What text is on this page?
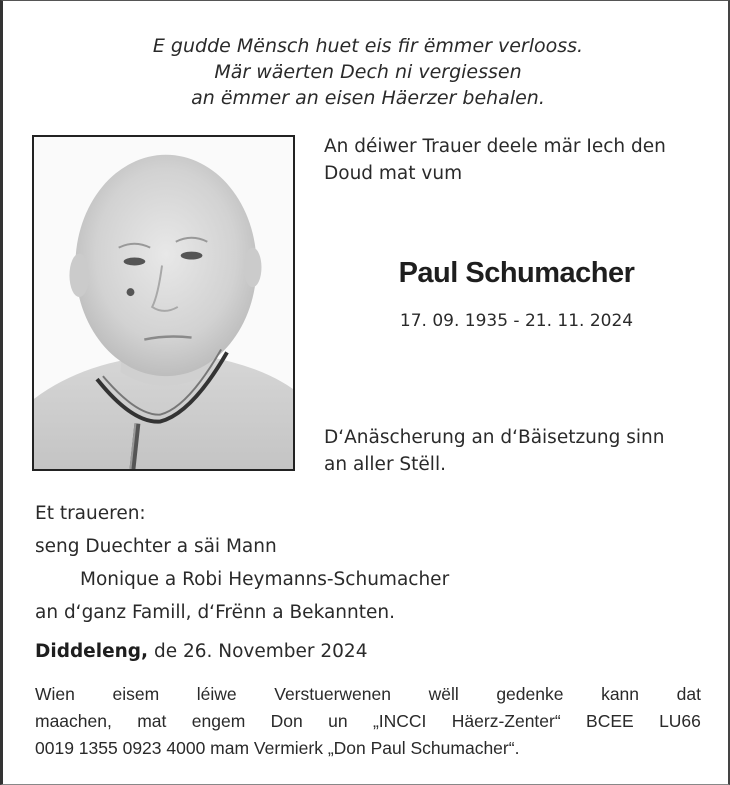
E gudde Mënsch huet eis fir ëmmer verlooss.
Mär wäerten Dech ni vergiessen
an ëmmer an eisen Häerzer behalen.
An déiwer Trauer deele mär Iech den
Doud mat vum
Paul Schumacher
17. 09. 1935 - 21. 11. 2024
D‘Anäscherung an d‘Bäisetzung sinn
an aller Stëll.
Et traueren:
seng Duechter a säi Mann
Monique a Robi Heymanns-Schumacher
an d‘ganz Famill, d‘Frënn a Bekannten.
Diddeleng, de 26. November 2024
Wien eisem léiwe Verstuerwenen wëll gedenke kann dat
maachen, mat engem Don un „INCCI Häerz-Zenter“ BCEE LU66
0019 1355 0923 4000 mam Vermierk „Don Paul Schumacher“.
